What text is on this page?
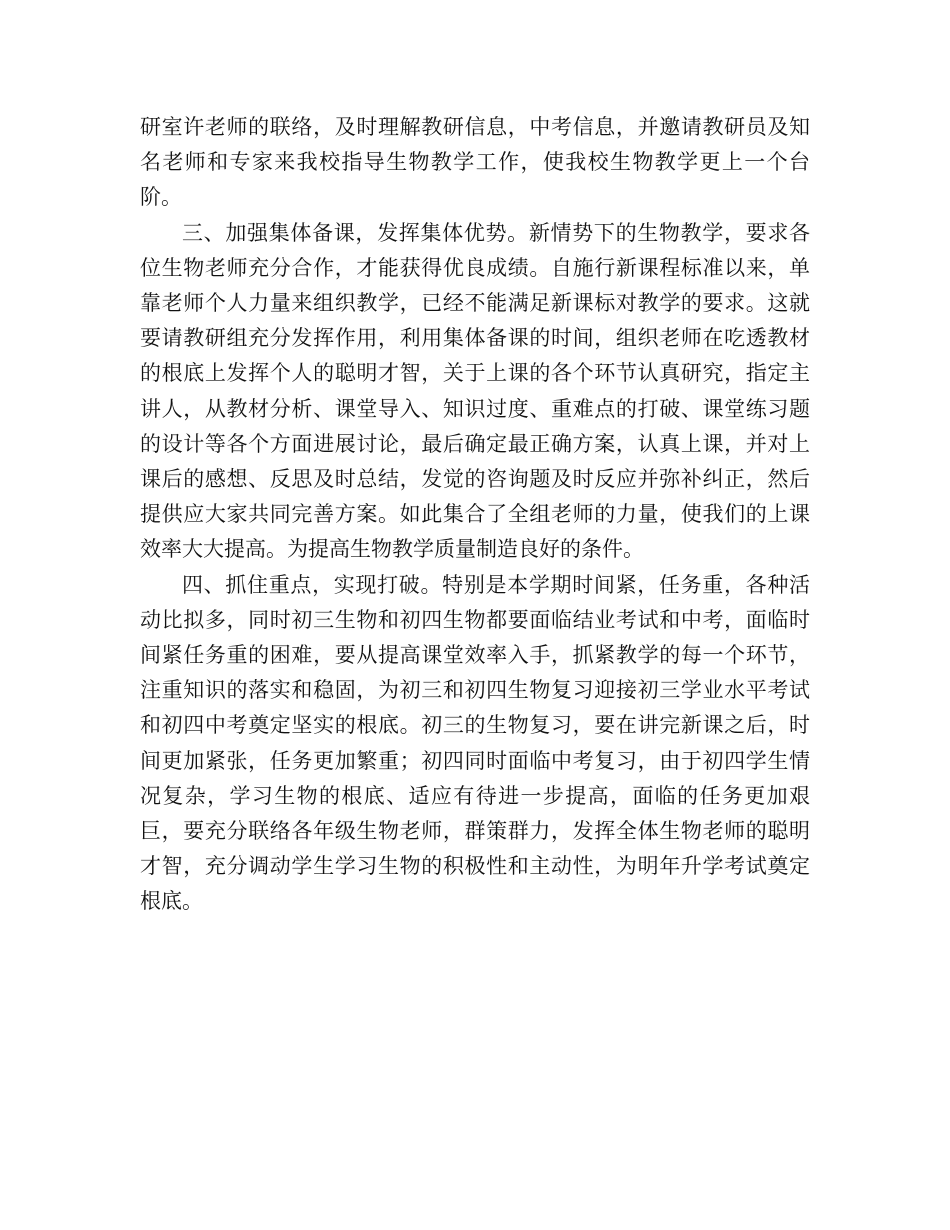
研室许老师的联络，及时理解教研信息，中考信息，并邀请教研员及知名老师和专家来我校指导生物教学工作，使我校生物教学更上一个台阶。

三、加强集体备课，发挥集体优势。新情势下的生物教学，要求各位生物老师充分合作，才能获得优良成绩。自施行新课程标准以来，单靠老师个人力量来组织教学，已经不能满足新课标对教学的要求。这就要请教研组充分发挥作用，利用集体备课的时间，组织老师在吃透教材的根底上发挥个人的聪明才智，关于上课的各个环节认真研究，指定主讲人，从教材分析、课堂导入、知识过度、重难点的打破、课堂练习题的设计等各个方面进展讨论，最后确定最正确方案，认真上课，并对上课后的感想、反思及时总结，发觉的咨询题及时反应并弥补纠正，然后提供应大家共同完善方案。如此集合了全组老师的力量，使我们的上课效率大大提高。为提高生物教学质量制造良好的条件。

四、抓住重点，实现打破。特别是本学期时间紧，任务重，各种活动比拟多，同时初三生物和初四生物都要面临结业考试和中考，面临时间紧任务重的困难，要从提高课堂效率入手，抓紧教学的每一个环节，注重知识的落实和稳固，为初三和初四生物复习迎接初三学业水平考试和初四中考奠定坚实的根底。初三的生物复习，要在讲完新课之后，时间更加紧张，任务更加繁重；初四同时面临中考复习，由于初四学生情况复杂，学习生物的根底、适应有待进一步提高，面临的任务更加艰巨，要充分联络各年级生物老师，群策群力，发挥全体生物老师的聪明才智，充分调动学生学习生物的积极性和主动性，为明年升学考试奠定根底。
